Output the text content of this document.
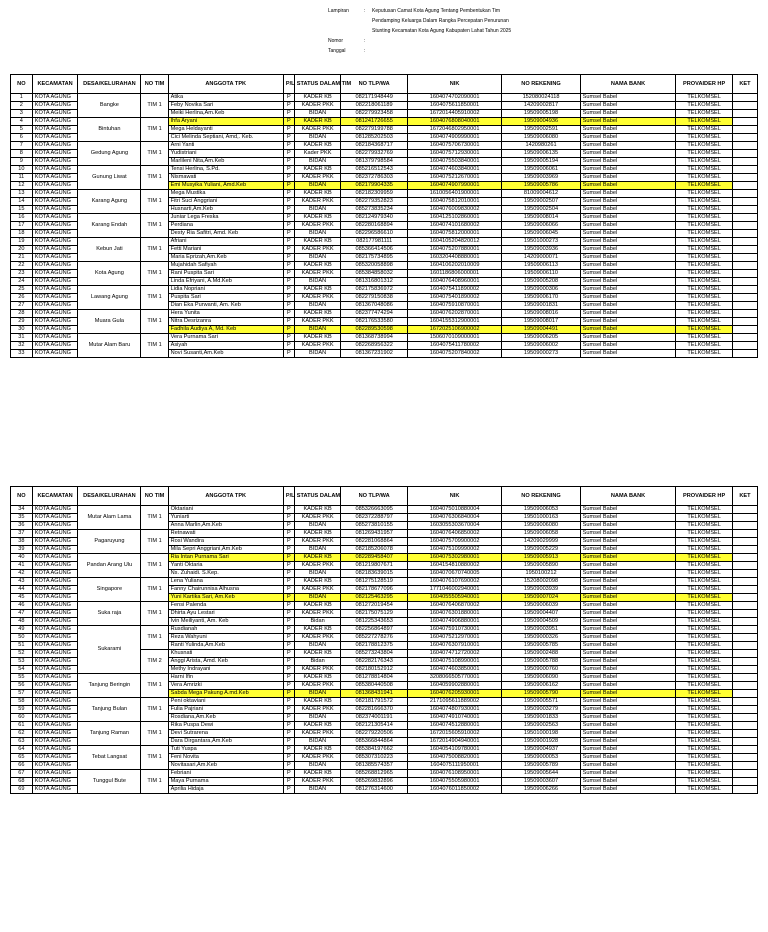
Lampiran	:	Keputusan Camat Kota Agung Tentang Pembentukan Tim
Pendamping Keluarga Dalam Rangka Percepatan Penurunan
Stunting Kecamatan Kota Agung Kabupaten Lahat Tahun 2025
Nomor	:
Tanggal	:
NO	KECAMATAN	DESA/KELURAHAN	NO TIM	ANGGOTA TPK	P/L	STATUS DALAM TIM	NO TLP/WA	NIK	NO REKENING	NAMA BANK	PROVAIDER HP	KET
1	KOTA AGUNG	Bangke	TIM 1	Atika	P	KADER KB	082171948449	1604074702090001	152080024118	Sumsel Babel	TELKOMSEL	
2	KOTA AGUNG			Feby Novika Sari	P	KADER PKK	082218061189	1604075611850001	14209002817	Sumsel Babel	TELKOMSEL	
3	KOTA AGUNG			Meiki Herlina,Am.Keb	P	BIDAN	082279923458	1672014405910002	19509005198	Sumsel Babel	TELKOMSEL	
4	KOTA AGUNG	Bintuhan	TIM 1	Ihfa Aryani	P	KADER KB	081241726655	1604076808040001	19509004936	Sumsel Babel	TELKOMSEL	
5	KOTA AGUNG			Mega Heldayanti	P	KADER PKK	082279199788	1672046802950001	19509002591	Sumsel Babel	TELKOMSEL	
6	KOTA AGUNG			Cici Melinda Septiani, Amd,. Keb.	P	BIDAN	081285202503	1604074909990001	19509006080	Sumsel Babel	TELKOMSEL	
7	KOTA AGUNG	Gedung Agung	TIM 1	Arni Yanti	P	KADER KB	082184368717	1604075706730001	1420980261	Sumsel Babel	TELKOMSEL	
8	KOTA AGUNG			Yudistriani	P	Kader PKK	082279932769	1604075712930001	19509006135	Sumsel Babel	TELKOMSEL	
9	KOTA AGUNG			Marlileni Nita,Am.Keb	P	BIDAN	081379798584	1604075503840001	19509005194	Sumsel Babel	TELKOMSEL	
10	KOTA AGUNG	Gunung Liwat	TIM 1	Tensi Herlina, S.Pd.	P	KADER KB	085216512543	1604074603840001	19509006061	Sumsel Babel	TELKOMSEL	
11	KOTA AGUNG			Nismawati	P	KADER PKK	082372786303	1604075212670001	19509003969	Sumsel Babel	TELKOMSEL	
12	KOTA AGUNG			Emi Musyika Yuliani, Amd.Keb	P	BIDAN	082179904335	1604074907990001	19509005786	Sumsel Babel	TELKOMSEL	
13	KOTA AGUNG	Karang Agung	TIM 1	Mega Mustika	P	KADER KB	082182309959	1610056401900001	81009004612	Sumsel Babel	TELKOMSEL	
14	KOTA AGUNG			Fitri Suci Anggriani	P	KADER PKK	082279352823	1604075812010001	19509002507	Sumsel Babel	TELKOMSEL	
15	KOTA AGUNG			Husnarti,Am.Keb	P	BIDAN	085273835234	1604076009830002	19509002504	Sumsel Babel	TELKOMSEL	
16	KOTA AGUNG	Karang Endah	TIM 1	Juniar Lega Freska	P	KADER KB	082124979340	1604125102860001	19509008014	Sumsel Babel	TELKOMSEL	
17	KOTA AGUNG			Perdiana	P	KADER PKK	082280168894	1604074101680002	19509006066	Sumsel Babel	TELKOMSEL	
18	KOTA AGUNG			Desty Ria Safitri, Amd. Keb	P	BIDAN	082296586610	1604075812000001	19509006045	Sumsel Babel	TELKOMSEL	
19	KOTA AGUNG	Kebun Jati	TIM 1	Afriani	P	KADER KB	082177981111	1604105204820012	19501000273	Sumsel Babel	TELKOMSEL	
20	KOTA AGUNG			Fetti Mariani	P	KADER PKK	085366414506	1604075207880001	19509003936	Sumsel Babel	TELKOMSEL	
21	KOTA AGUNG			Maria Eprizah,Am.Keb	P	BIDAN	082175734895	1603204408880001	14209000071	Sumsel Babel	TELKOMSEL	
22	KOTA AGUNG	Kota Agung	TIM 1	Mujahidah Safiyah	P	KADER KB	085320058898	1604106202010009	19509006113	Sumsel Babel	TELKOMSEL	
23	KOTA AGUNG			Rani Puspita Sari	P	KADER PKK	085384858032	1601186806000001	19509006110	Sumsel Babel	TELKOMSEL	
24	KOTA AGUNG			Linda Efriyani, A.Md.Keb	P	BIDAN	081316801312	1604076408960001	19509005208	Sumsel Babel	TELKOMSEL	
25	KOTA AGUNG	Lawang Agung	TIM 1	Lidia Nopriani	P	KADER KB	082175836972	1604075411890002	19509000306	Sumsel Babel	TELKOMSEL	
26	KOTA AGUNG			Puspita Sari	P	KADER PKK	082279150838	1604075401890002	19509006170	Sumsel Babel	TELKOMSEL	
27	KOTA AGUNG			Dian Eka Purwanti, Am. Keb	P	BIDAN	081367048086	1604075910870001	19509001831	Sumsel Babel	TELKOMSEL	
28	KOTA AGUNG	Muara Gula	TIM 1	Hera Yunita	P	KADER KB	082377474294	1604076202870001	19509008016	Sumsel Babel	TELKOMSEL	
29	KOTA AGUNG			Nitra Desrizanra	P	KADER PKK	082176533580	1604155312900001	19509008017	Sumsel Babel	TELKOMSEL	
30	KOTA AGUNG			Fadhila Audiya A, Md. Keb	P	BIDAN	082289530598	1672025106900002	19509004491	Sumsel Babel	TELKOMSEL	
31	KOTA AGUNG	Mutar Alam Baru	TIM 1	Vera Purnama Sari	P	KADER KB	081368738994	1506070109000001	19509006205	Sumsel Babel	TELKOMSEL	
32	KOTA AGUNG			Asiyah	P	KADER PKK	082268956322	1604075411780002	19509006002	Sumsel Babel	TELKOMSEL	
33	KOTA AGUNG			Novi Susanti,Am.Keb	P	BIDAN	081367231902	1604075207840002	19509000273	Sumsel Babel	TELKOMSEL	
NO	KECAMATAN	DESA/KELURAHAN	NO TIM	ANGGOTA TPK	P/L	STATUS DALAM	NO TLP/WA	NIK	NO REKENING	NAMA BANK	PROVAIDER HP	KET
34	KOTA AGUNG	Mutar Alam Lama	TIM 1	Oktariani	P	KADER KB	085326663095	1604075010880004	19509006053	Sumsel Babel	TELKOMSEL	
35	KOTA AGUNG			Yuniarti	P	KADER PKK	082372288797	1604076306840004	19501000163	Sumsel Babel	TELKOMSEL	
36	KOTA AGUNG			Anna Marlin,Am.Keb	P	BIDAN	085273810155	1603055303670004	19509006080	Sumsel Babel	TELKOMSEL	
37	KOTA AGUNG	Pagaruyung	TIM 1	Retnawati	P	KADER KB	081269431957	1604076406850002	19509006058	Sumsel Babel	TELKOMSEL	
38	KOTA AGUNG			Rosi Wandira	P	KADER PKK	082281068864	1604075709900002	14209029999	Sumsel Babel	TELKOMSEL	
39	KOTA AGUNG			Mila Sepri Anggriani,Am.Keb	P	BIDAN	082185206078	1604075109990002	19509005229	Sumsel Babel	TELKOMSEL	
40	KOTA AGUNG	Pandan Arang Ulu	TIM 1	Ria Intan Purnama Sari	P	KADER KB	082289458407	1604075302980001	19509005913	Sumsel Babel	TELKOMSEL	
41	KOTA AGUNG			Yanti Oktaria	P	KADER PKK	081219807671	1604154810880002	19509005890	Sumsel Babel	TELKOMSEL	
42	KOTA AGUNG			Ns. Zuhaidi. S.Kep.	P	BIDAN	082183639015	1604070670740005	1950100212	Sumsel Babel	TELKOMSEL	
43	KOTA AGUNG	Singapore	TIM 1	Lena Yuliana	P	KADER KB	081275128519	1604076107690002	15208002098	Sumsel Babel	TELKOMSEL	
44	KOTA AGUNG			Fanny Chairunnisa Alhusna	P	KADER PKK	082178677096	1771046002940001	19509003939	Sumsel Babel	TELKOMSEL	
45	KOTA AGUNG			Yuni Kartika Sari, Am.Keb	P	BIDAN	082125463295	1604055505940001	19509007024	Sumsel Babel	TELKOMSEL	
46	KOTA AGUNG	Suka raja	TIM 1	Fensi Palenda	P	KADER KB	081272019454	1604076406870002	19509006039	Sumsel Babel	TELKOMSEL	
47	KOTA AGUNG			Dhirta Ayu Lestari	P	KADER PKK	082175075129	1604076301880001	19509004407	Sumsel Babel	TELKOMSEL	
48	KOTA AGUNG			Ivin Meiliyanti, Am. Keb	P	Bidan	081225343653	1604074906880001	19509004509	Sumsel Babel	TELKOMSEL	
49	KOTA AGUNG	Sukarami	TIM 1	Rusdianah	P	KADER KB	082256864897	1604075910730001	19509003951	Sumsel Babel	TELKOMSEL	
50	KOTA AGUNG			Reza Wahyuni	P	KADER PKK	085227278276	1604075212970001	19509000326	Sumsel Babel	TELKOMSEL	
51	KOTA AGUNG			Ranti Yulinda,Am.Keb	P	BIDAN	082178812375	1604076307910001	19509005785	Sumsel Babel	TELKOMSEL	
52	KOTA AGUNG		TIM 2	Khusnati	P	KADER KB	085273243804	1604074712720002	19509002488	Sumsel Babel	TELKOMSEL	
53	KOTA AGUNG			Anggi Arista, Amd. Keb	P	Bidan	082282176343	1604075108990001	19509005788	Sumsel Babel	TELKOMSEL	
54	KOTA AGUNG			Methy Indrayani	P	KADER PKK	082180152912	1604074603850001	19509000760	Sumsel Babel	TELKOMSEL	
55	KOTA AGUNG	Tanjung Beringin	TIM 1	Harni Ifin	P	KADER KB	081278814804	3208066505770001	19509006090	Sumsel Babel	TELKOMSEL	
56	KOTA AGUNG			Vera Amrizki	P	KADER PKK	085380440508	1604059902880001	19509006162	Sumsel Babel	TELKOMSEL	
57	KOTA AGUNG			Sabda Mega Pakung A.md.Keb	P	BIDAN	081368431941	1604076205930001	19509005790	Sumsel Babel	TELKOMSEL	
58	KOTA AGUNG	Tanjung Bulan	TIM 1	Peni oktaviani	P	KADER KB	082181791572	2171095611889002	19509005571	Sumsel Babel	TELKOMSEL	
59	KOTA AGUNG			Fulia Pajriani	P	KADER PKK	082281666370	1604074807930001	19509003279	Sumsel Babel	TELKOMSEL	
60	KOTA AGUNG			Rosdiana,Am.Keb	P	BIDAN	082374001191	1604074910740001	19509001833	Sumsel Babel	TELKOMSEL	
61	KOTA AGUNG	Tanjung Raman	TIM 1	Rika Puspa Dewi	P	KADER KB	082121305414	1604074512880001	19509002563	Sumsel Babel	TELKOMSEL	
62	KOTA AGUNG			Devi Sutrarena	P	KADER PKK	082279220506	1672015605910002	19501000198	Sumsel Babel	TELKOMSEL	
63	KOTA AGUNG			Dara Dirgantara,Am.Keb	P	BIDAN	085366844864	1672014904940001	19509001928	Sumsel Babel	TELKOMSEL	
64	KOTA AGUNG	Tebat Langsat	TIM 1	Tuti Yuspa	P	KADER KB	085384197662	1604054109780001	19509004937	Sumsel Babel	TELKOMSEL	
65	KOTA AGUNG			Feni Novita	P	KADER PKK	085307310223	1604075008820001	19509000053	Sumsel Babel	TELKOMSEL	
66	KOTA AGUNG			Novitasari,Am.Keb	P	BIDAN	081385574357	1604075111950001	19509005789	Sumsel Babel	TELKOMSEL	
67	KOTA AGUNG	Tunggul Bute	TIM 1	Febriani	P	KADER KB	085268812965	1604076108950001	19509005644	Sumsel Babel	TELKOMSEL	
68	KOTA AGUNG			Maya Purnama	P	KADER PKK	085269832896	1604075505980001	19509003607	Sumsel Babel	TELKOMSEL	
69	KOTA AGUNG			Aprilia Hidaja	P	BIDAN	081276314600	1604076011850002	19509006266	Sumsel Babel	TELKOMSEL	
